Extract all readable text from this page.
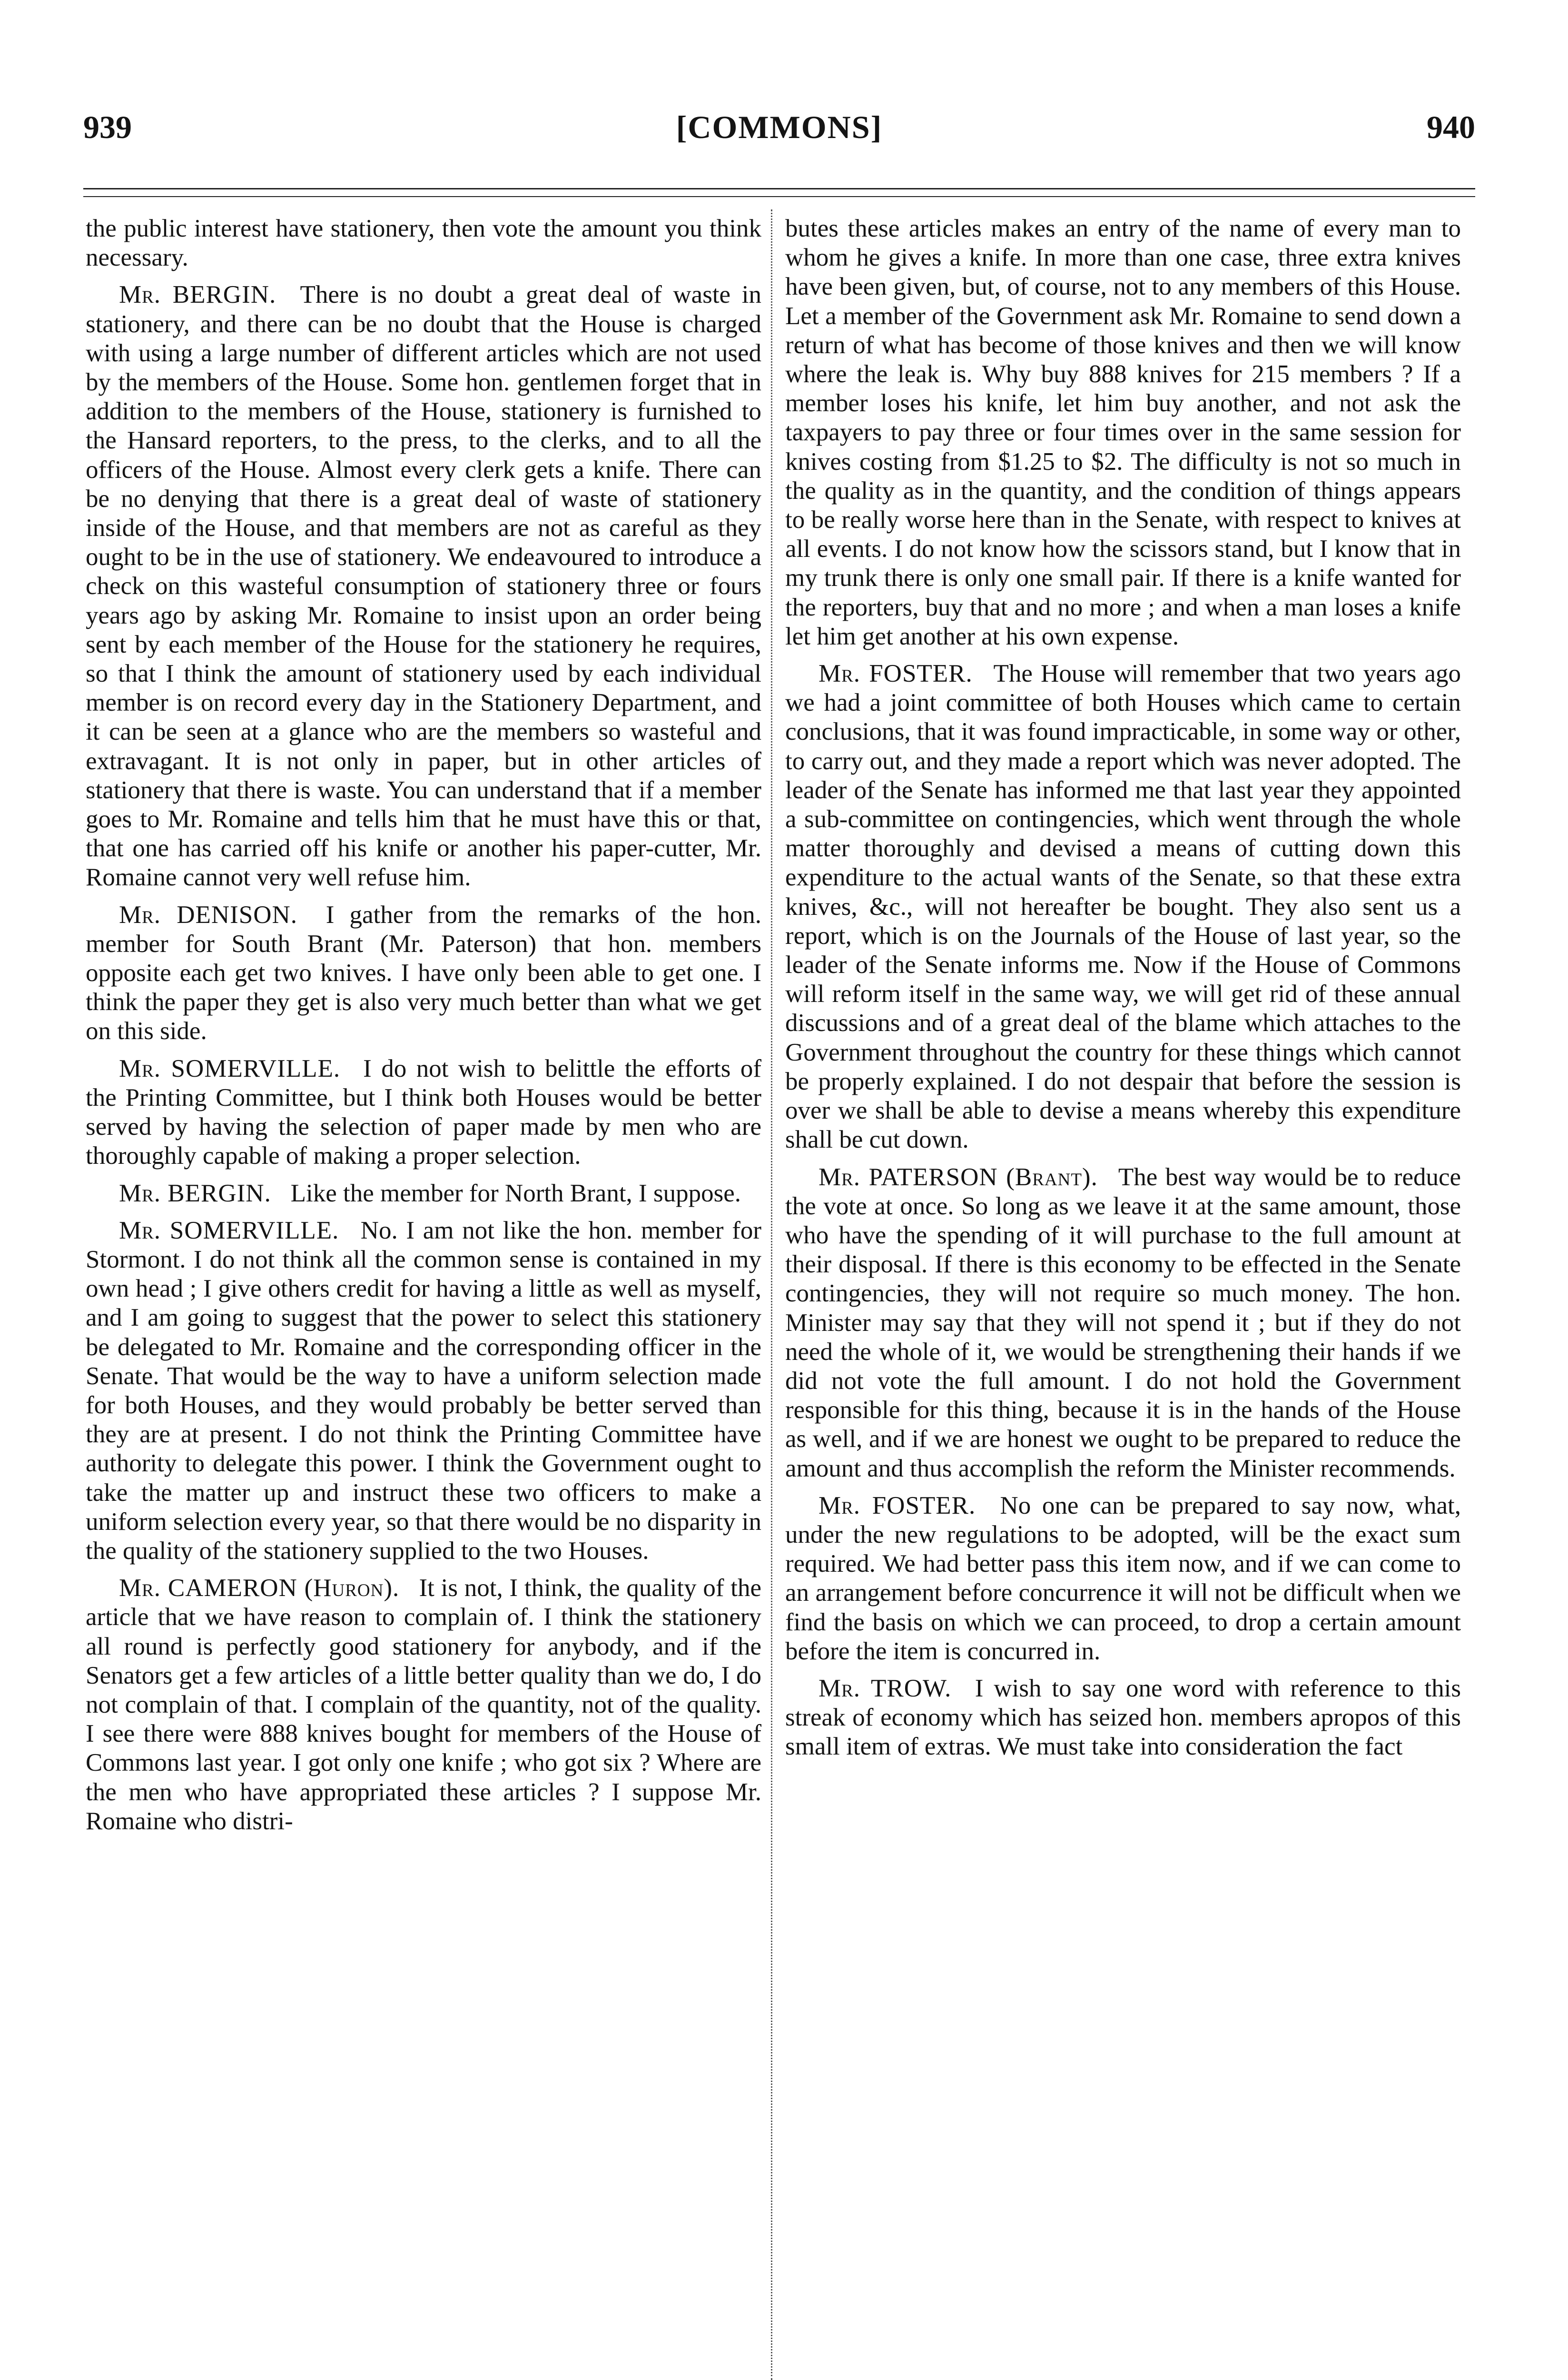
939	[COMMONS]	940

the public interest have stationery, then vote the amount you think necessary.

Mr. BERGIN.  There is no doubt a great deal of waste in stationery, and there can be no doubt that the House is charged with using a large number of different articles which are not used by the members of the House. Some hon. gentlemen forget that in addition to the members of the House, stationery is furnished to the Hansard reporters, to the press, to the clerks, and to all the officers of the House. Almost every clerk gets a knife. There can be no denying that there is a great deal of waste of stationery inside of the House, and that members are not as careful as they ought to be in the use of stationery. We endeavoured to introduce a check on this wasteful consumption of stationery three or fours years ago by asking Mr. Romaine to insist upon an order being sent by each member of the House for the stationery he requires, so that I think the amount of stationery used by each individual member is on record every day in the Stationery Department, and it can be seen at a glance who are the members so wasteful and extravagant. It is not only in paper, but in other articles of stationery that there is waste. You can understand that if a member goes to Mr. Romaine and tells him that he must have this or that, that one has carried off his knife or another his paper-cutter, Mr. Romaine cannot very well refuse him.

Mr. DENISON.  I gather from the remarks of the hon. member for South Brant (Mr. Paterson) that hon. members opposite each get two knives. I have only been able to get one. I think the paper they get is also very much better than what we get on this side.

Mr. SOMERVILLE.  I do not wish to belittle the efforts of the Printing Committee, but I think both Houses would be better served by having the selection of paper made by men who are thoroughly capable of making a proper selection.

Mr. BERGIN.  Like the member for North Brant, I suppose.

Mr. SOMERVILLE.  No. I am not like the hon. member for Stormont. I do not think all the common sense is contained in my own head ; I give others credit for having a little as well as myself, and I am going to suggest that the power to select this stationery be delegated to Mr. Romaine and the corresponding officer in the Senate. That would be the way to have a uniform selection made for both Houses, and they would probably be better served than they are at present. I do not think the Printing Committee have authority to delegate this power. I think the Government ought to take the matter up and instruct these two officers to make a uniform selection every year, so that there would be no disparity in the quality of the stationery supplied to the two Houses.

Mr. CAMERON (Huron).  It is not, I think, the quality of the article that we have reason to complain of. I think the stationery all round is perfectly good stationery for anybody, and if the Senators get a few articles of a little better quality than we do, I do not complain of that. I complain of the quantity, not of the quality. I see there were 888 knives bought for members of the House of Commons last year. I got only one knife ; who got six ? Where are the men who have appropriated these articles ? I suppose Mr. Romaine who distri-

butes these articles makes an entry of the name of every man to whom he gives a knife. In more than one case, three extra knives have been given, but, of course, not to any members of this House. Let a member of the Government ask Mr. Romaine to send down a return of what has become of those knives and then we will know where the leak is. Why buy 888 knives for 215 members ? If a member loses his knife, let him buy another, and not ask the taxpayers to pay three or four times over in the same session for knives costing from $1.25 to $2. The difficulty is not so much in the quality as in the quantity, and the condition of things appears to be really worse here than in the Senate, with respect to knives at all events. I do not know how the scissors stand, but I know that in my trunk there is only one small pair. If there is a knife wanted for the reporters, buy that and no more ; and when a man loses a knife let him get another at his own expense.

Mr. FOSTER.  The House will remember that two years ago we had a joint committee of both Houses which came to certain conclusions, that it was found impracticable, in some way or other, to carry out, and they made a report which was never adopted. The leader of the Senate has informed me that last year they appointed a sub-committee on contingencies, which went through the whole matter thoroughly and devised a means of cutting down this expenditure to the actual wants of the Senate, so that these extra knives, &c., will not hereafter be bought. They also sent us a report, which is on the Journals of the House of last year, so the leader of the Senate informs me. Now if the House of Commons will reform itself in the same way, we will get rid of these annual discussions and of a great deal of the blame which attaches to the Government throughout the country for these things which cannot be properly explained. I do not despair that before the session is over we shall be able to devise a means whereby this expenditure shall be cut down.

Mr. PATERSON (Brant).  The best way would be to reduce the vote at once. So long as we leave it at the same amount, those who have the spending of it will purchase to the full amount at their disposal. If there is this economy to be effected in the Senate contingencies, they will not require so much money. The hon. Minister may say that they will not spend it ; but if they do not need the whole of it, we would be strengthening their hands if we did not vote the full amount. I do not hold the Government responsible for this thing, because it is in the hands of the House as well, and if we are honest we ought to be prepared to reduce the amount and thus accomplish the reform the Minister recommends.

Mr. FOSTER.  No one can be prepared to say now, what, under the new regulations to be adopted, will be the exact sum required. We had better pass this item now, and if we can come to an arrangement before concurrence it will not be difficult when we find the basis on which we can proceed, to drop a certain amount before the item is concurred in.

Mr. TROW.  I wish to say one word with reference to this streak of economy which has seized hon. members apropos of this small item of extras. We must take into consideration the fact
